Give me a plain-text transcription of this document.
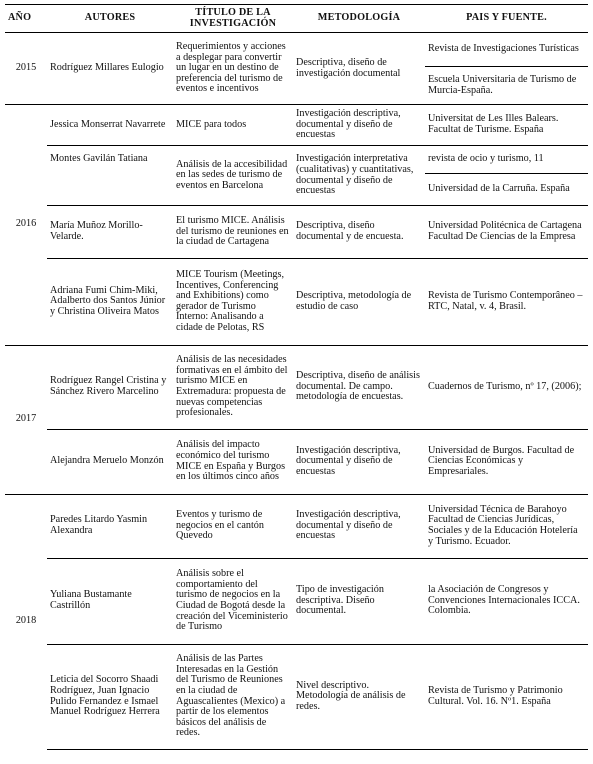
AÑO	AUTORES	TÍTULO DE LA INVESTIGACIÓN	METODOLOGÍA	PAIS Y FUENTE.
2015	Rodríguez Millares Eulogio	Requerimientos y acciones a desplegar para convertir un lugar en un destino de preferencia del turismo de eventos e incentivos	Descriptiva, diseño de investigación documental	Revista de Investigaciones Turísticas
				Escuela Universitaria de Turismo de Murcia-España.
2016	Jessica Monserrat Navarrete	MICE para todos	Investigación descriptiva, documental y diseño de encuestas	Universitat de Les Illes Balears. Facultat de Turisme. España
	Montes Gavilán Tatiana	Análisis de la accesibilidad en las sedes de turismo de eventos en Barcelona	Investigación interpretativa (cualitativas) y cuantitativas, documental y diseño de encuestas	revista de ocio y turismo, 11
				Universidad de la Carruña. España
	María Muñoz Morillo-Velarde.	El turismo MICE. Análisis del turismo de reuniones en la ciudad de Cartagena	Descriptiva, diseño documental y de encuesta.	Universidad Politécnica de Cartagena Facultad De Ciencias de la Empresa
	Adriana Fumi Chim-Miki, Adalberto dos Santos Júnior y Christina Oliveira Matos	MICE Tourism (Meetings, Incentives, Conferencing and Exhibitions) como gerador de Turismo Interno: Analisando a cidade de Pelotas, RS	Descriptiva, metodología de estudio de caso	Revista de Turismo Contemporâneo –RTC, Natal, v. 4, Brasil.

2017	Rodríguez Rangel Cristina y Sánchez Rivero Marcelino	Análisis de las necesidades formativas en el ámbito del turismo MICE en Extremadura: propuesta de nuevas competencias profesionales.	Descriptiva, diseño de análisis documental. De campo. metodología de encuestas.	Cuadernos de Turismo, nº 17, (2006);
	Alejandra Meruelo Monzón	Análisis del impacto económico del turismo MICE en España y Burgos en los últimos cinco años	Investigación descriptiva, documental y diseño de encuestas	Universidad de Burgos. Facultad de Ciencias Económicas y Empresariales.
2018	Paredes Litardo Yasmin Alexandra	Eventos y turismo de negocios en el cantón Quevedo	Investigación descriptiva, documental y diseño de encuestas	Universidad Técnica de Barahoyo Facultad de Ciencias Jurídicas, Sociales y de la Educación Hotelería y Turismo. Ecuador.
	Yuliana Bustamante Castrillón	Análisis sobre el comportamiento del turismo de negocios en la Ciudad de Bogotá desde la creación del Viceministerio de Turismo	Tipo de investigación descriptiva. Diseño documental.	la Asociación de Congresos y Convenciones Internacionales ICCA. Colombia.
	Leticia del Socorro Shaadi Rodríguez, Juan Ignacio Pulido Fernandez e Ismael Manuel Rodríguez Herrera	Análisis de las Partes Interesadas en la Gestión del Turismo de Reuniones en la ciudad de Aguascalientes (Mexico) a partir de los elementos básicos del análisis de redes.	Nivel descriptivo. Metodología de análisis de redes.	Revista de Turismo y Patrimonio Cultural. Vol. 16. Nº1. España
